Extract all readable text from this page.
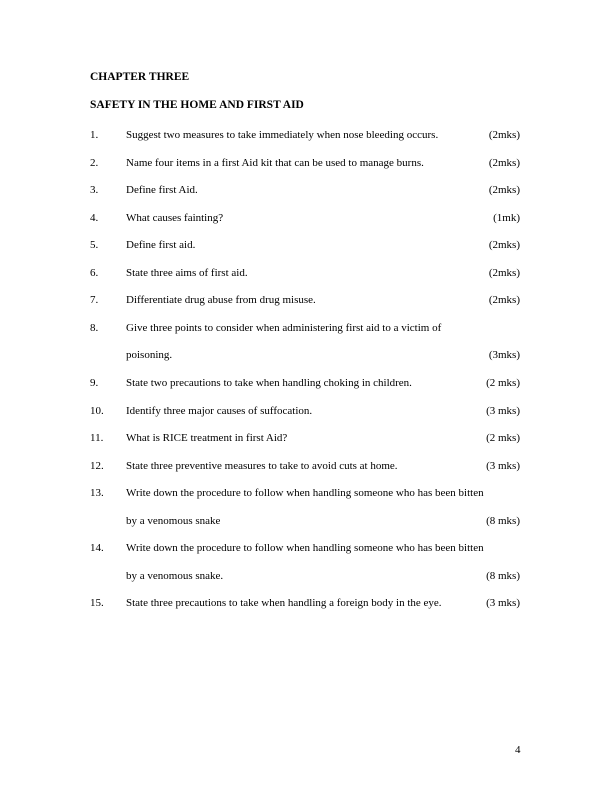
CHAPTER THREE
SAFETY IN THE HOME AND FIRST AID
1.	Suggest two measures to take immediately when nose bleeding occurs.	(2mks)
2.	Name four items in a first Aid kit that can be used to manage burns.	(2mks)
3.	Define first Aid.	(2mks)
4.	What causes fainting?	(1mk)
5.	Define first aid.	(2mks)
6.	State three aims of first aid.	(2mks)
7.	Differentiate drug abuse from drug misuse.	(2mks)
8.	Give three points to consider when administering first aid to a victim of
poisoning.	(3mks)
9.	State two precautions to take when handling choking in children.	(2 mks)
10. Identify three major causes of suffocation.	(3 mks)
11. What is RICE treatment in first Aid?	(2 mks)
12. State three preventive measures to take to avoid cuts at home.	(3 mks)
13. Write down the procedure to follow when handling someone who has been bitten
by a venomous snake	(8 mks)
14. Write down the procedure to follow when handling someone who has been bitten
by a venomous snake.	(8 mks)
15. State three precautions to take when handling a foreign body in the eye.	(3 mks)
4
